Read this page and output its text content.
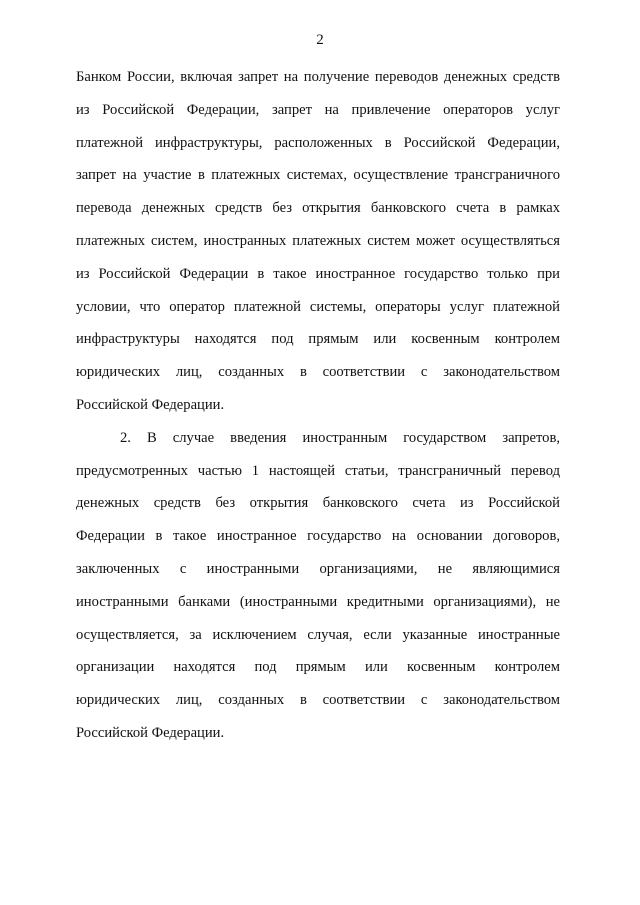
2
Банком России, включая запрет на получение переводов денежных средств
из Российской Федерации, запрет на привлечение операторов услуг
платежной инфраструктуры, расположенных в Российской Федерации,
запрет на участие в платежных системах, осуществление трансграничного
перевода денежных средств без открытия банковского счета в рамках
платежных систем, иностранных платежных систем может осуществляться
из Российской Федерации в такое иностранное государство только при
условии, что оператор платежной системы, операторы услуг платежной
инфраструктуры находятся под прямым или косвенным контролем
юридических лиц, созданных в соответствии с законодательством
Российской Федерации.
2. В случае введения иностранным государством запретов,
предусмотренных частью 1 настоящей статьи, трансграничный перевод
денежных средств без открытия банковского счета из Российской
Федерации в такое иностранное государство на основании договоров,
заключенных с иностранными организациями, не являющимися
иностранными банками (иностранными кредитными организациями), не
осуществляется, за исключением случая, если указанные иностранные
организации находятся под прямым или косвенным контролем
юридических лиц, созданных в соответствии с законодательством
Российской Федерации.
